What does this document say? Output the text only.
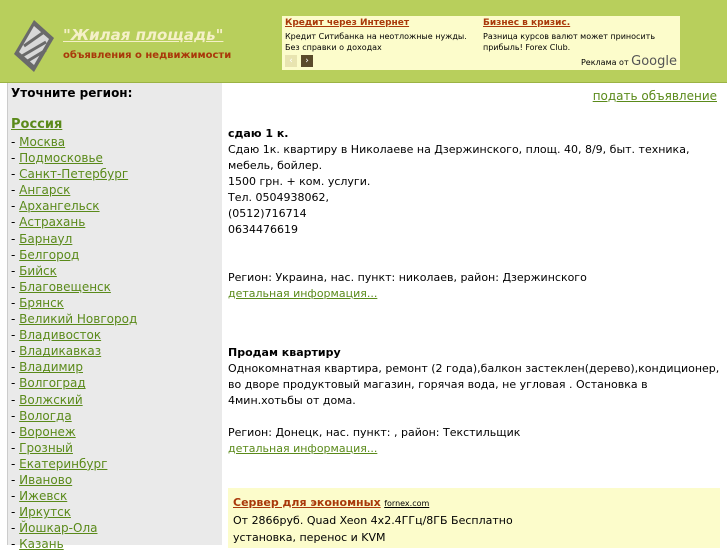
"Жилая площадь"
объявления о недвижимости
Кредит через Интернет
Кредит Ситибанка на неотложные нужды. Без справки о доходах
Бизнес в кризис.
Разница курсов валют может приносить прибыль! Forex Club.
‹	›	Реклама от Google
Уточните регион:
Россия
- Москва
- Подмосковье
- Санкт-Петербург
- Ангарск
- Архангельск
- Астрахань
- Барнаул
- Белгород
- Бийск
- Благовещенск
- Брянск
- Великий Новгород
- Владивосток
- Владикавказ
- Владимир
- Волгоград
- Волжский
- Вологда
- Воронеж
- Грозный
- Екатеринбург
- Иваново
- Ижевск
- Иркутск
- Йошкар-Ола
- Казань
подать объявление

сдаю 1 к.

Сдаю 1к. квартиру в Николаеве на Дзержинского, площ. 40, 8/9, быт. техника, мебель, бойлер.

1500 грн. + ком. услуги.

Тел. 0504938062,

(0512)716714

0634476619

Регион: Украина, нас. пункт: николаев, район: Дзержинского

детальная информация...

Продам квартиру

Однокомнатная квартира, ремонт (2 года),балкон застеклен(дерево),кондиционер, во дворе продуктовый магазин, горячая вода, не угловая . Остановка в 4мин.хотьбы от дома.

Регион: Донецк, нас. пункт: , район: Текстильщик

детальная информация...
Сервер для экономных fornex.com
От 2866руб. Quad Xeon 4x2.4ГГц/8ГБ Бесплатно
установка, перенос и KVM
